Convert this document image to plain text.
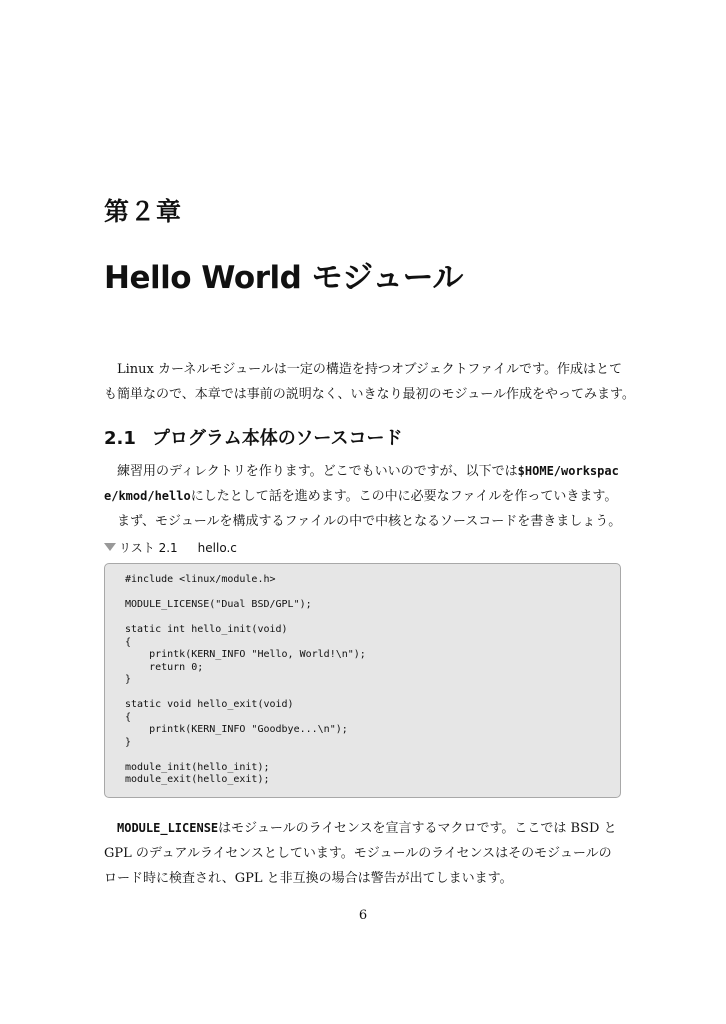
第２章
Hello World モジュール

Linux カーネルモジュールは一定の構造を持つオブジェクトファイルです。作成はとて

も簡単なので、本章では事前の説明なく、いきなり最初のモジュール作成をやってみます。

2.1 プログラム本体のソースコード

練習用のディレクトリを作ります。どこでもいいのですが、以下では$HOME/workspac

e/kmod/helloにしたとして話を進めます。この中に必要なファイルを作っていきます。

まず、モジュールを構成するファイルの中で中核となるソースコードを書きましょう。

リスト 2.1 hello.c
#include <linux/module.h>
MODULE_LICENSE("Dual BSD/GPL");
static int hello_init(void)
{
printk(KERN_INFO "Hello, World!\n");
return 0;
}
static void hello_exit(void)
{
printk(KERN_INFO "Goodbye...\n");
}
module_init(hello_init);
module_exit(hello_exit);

MODULE_LICENSEはモジュールのライセンスを宣言するマクロです。ここでは BSD と

GPL のデュアルライセンスとしています。モジュールのライセンスはそのモジュールの

ロード時に検査され、GPL と非互換の場合は警告が出てしまいます。

6
